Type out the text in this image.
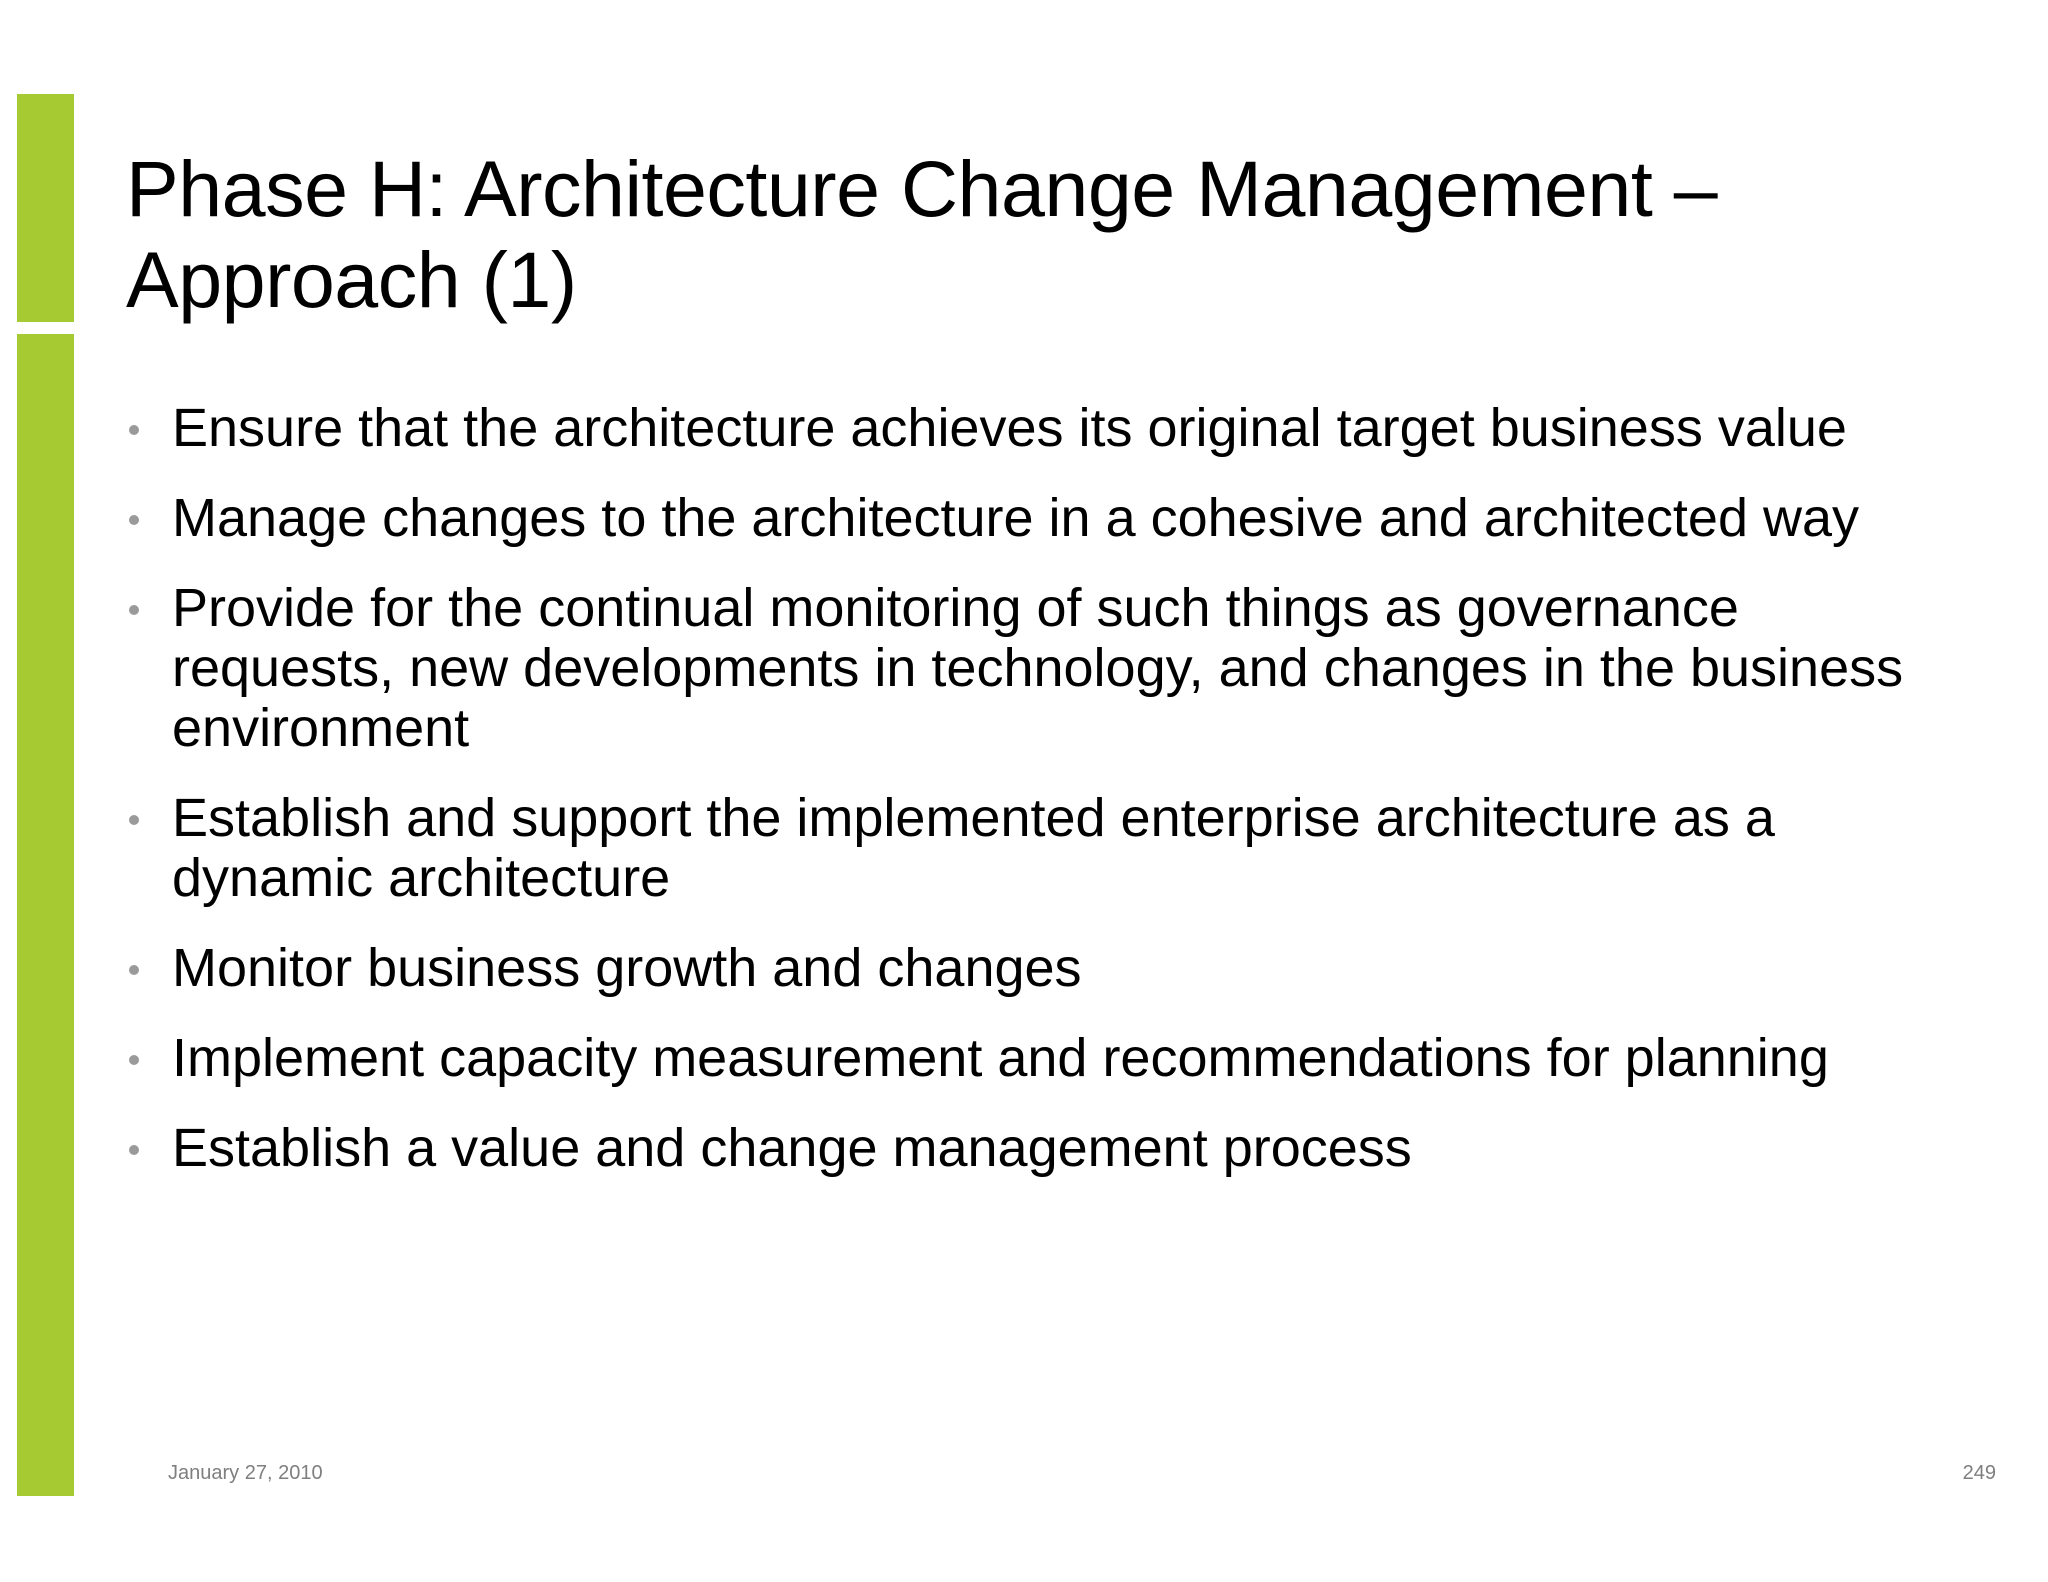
Phase H: Architecture Change Management – Approach (1)
Ensure that the architecture achieves its original target business value
Manage changes to the architecture in a cohesive and architected way
Provide for the continual monitoring of such things as governance requests, new developments in technology, and changes in the business environment
Establish and support the implemented enterprise architecture as a dynamic architecture
Monitor business growth and changes
Implement capacity measurement and recommendations for planning
Establish a value and change management process
January 27, 2010	249
